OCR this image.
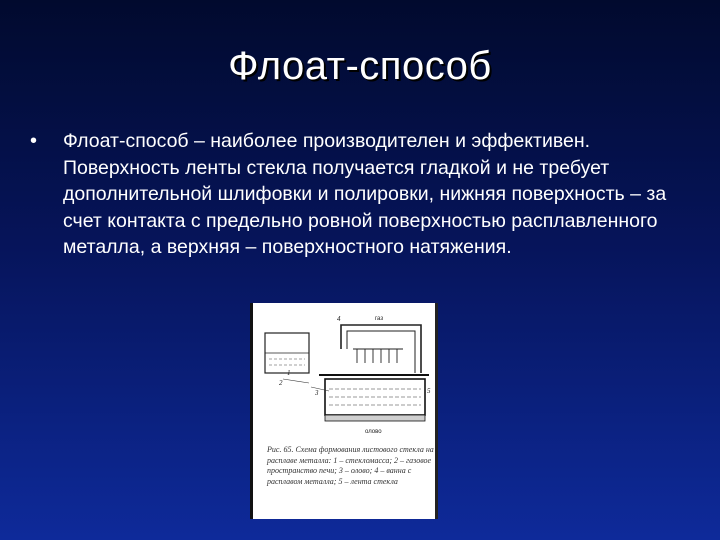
Флоат-способ
• Флоат-способ – наиболее производителен и эффективен. Поверхность ленты стекла получается гладкой и не требует дополнительной шлифовки и полировки, нижняя поверхность – за счет контакта с предельно ровной поверхностью расплавленного металла, а верхняя – поверхностного натяжения.
газ
олово
1
2
3
4
5
Рис. 65. Схема формования листового стекла на расплаве металла: 1 – стекломасса; 2 – газовое пространство печи; 3 – олово; 4 – ванна с расплавом металла; 5 – лента стекла
